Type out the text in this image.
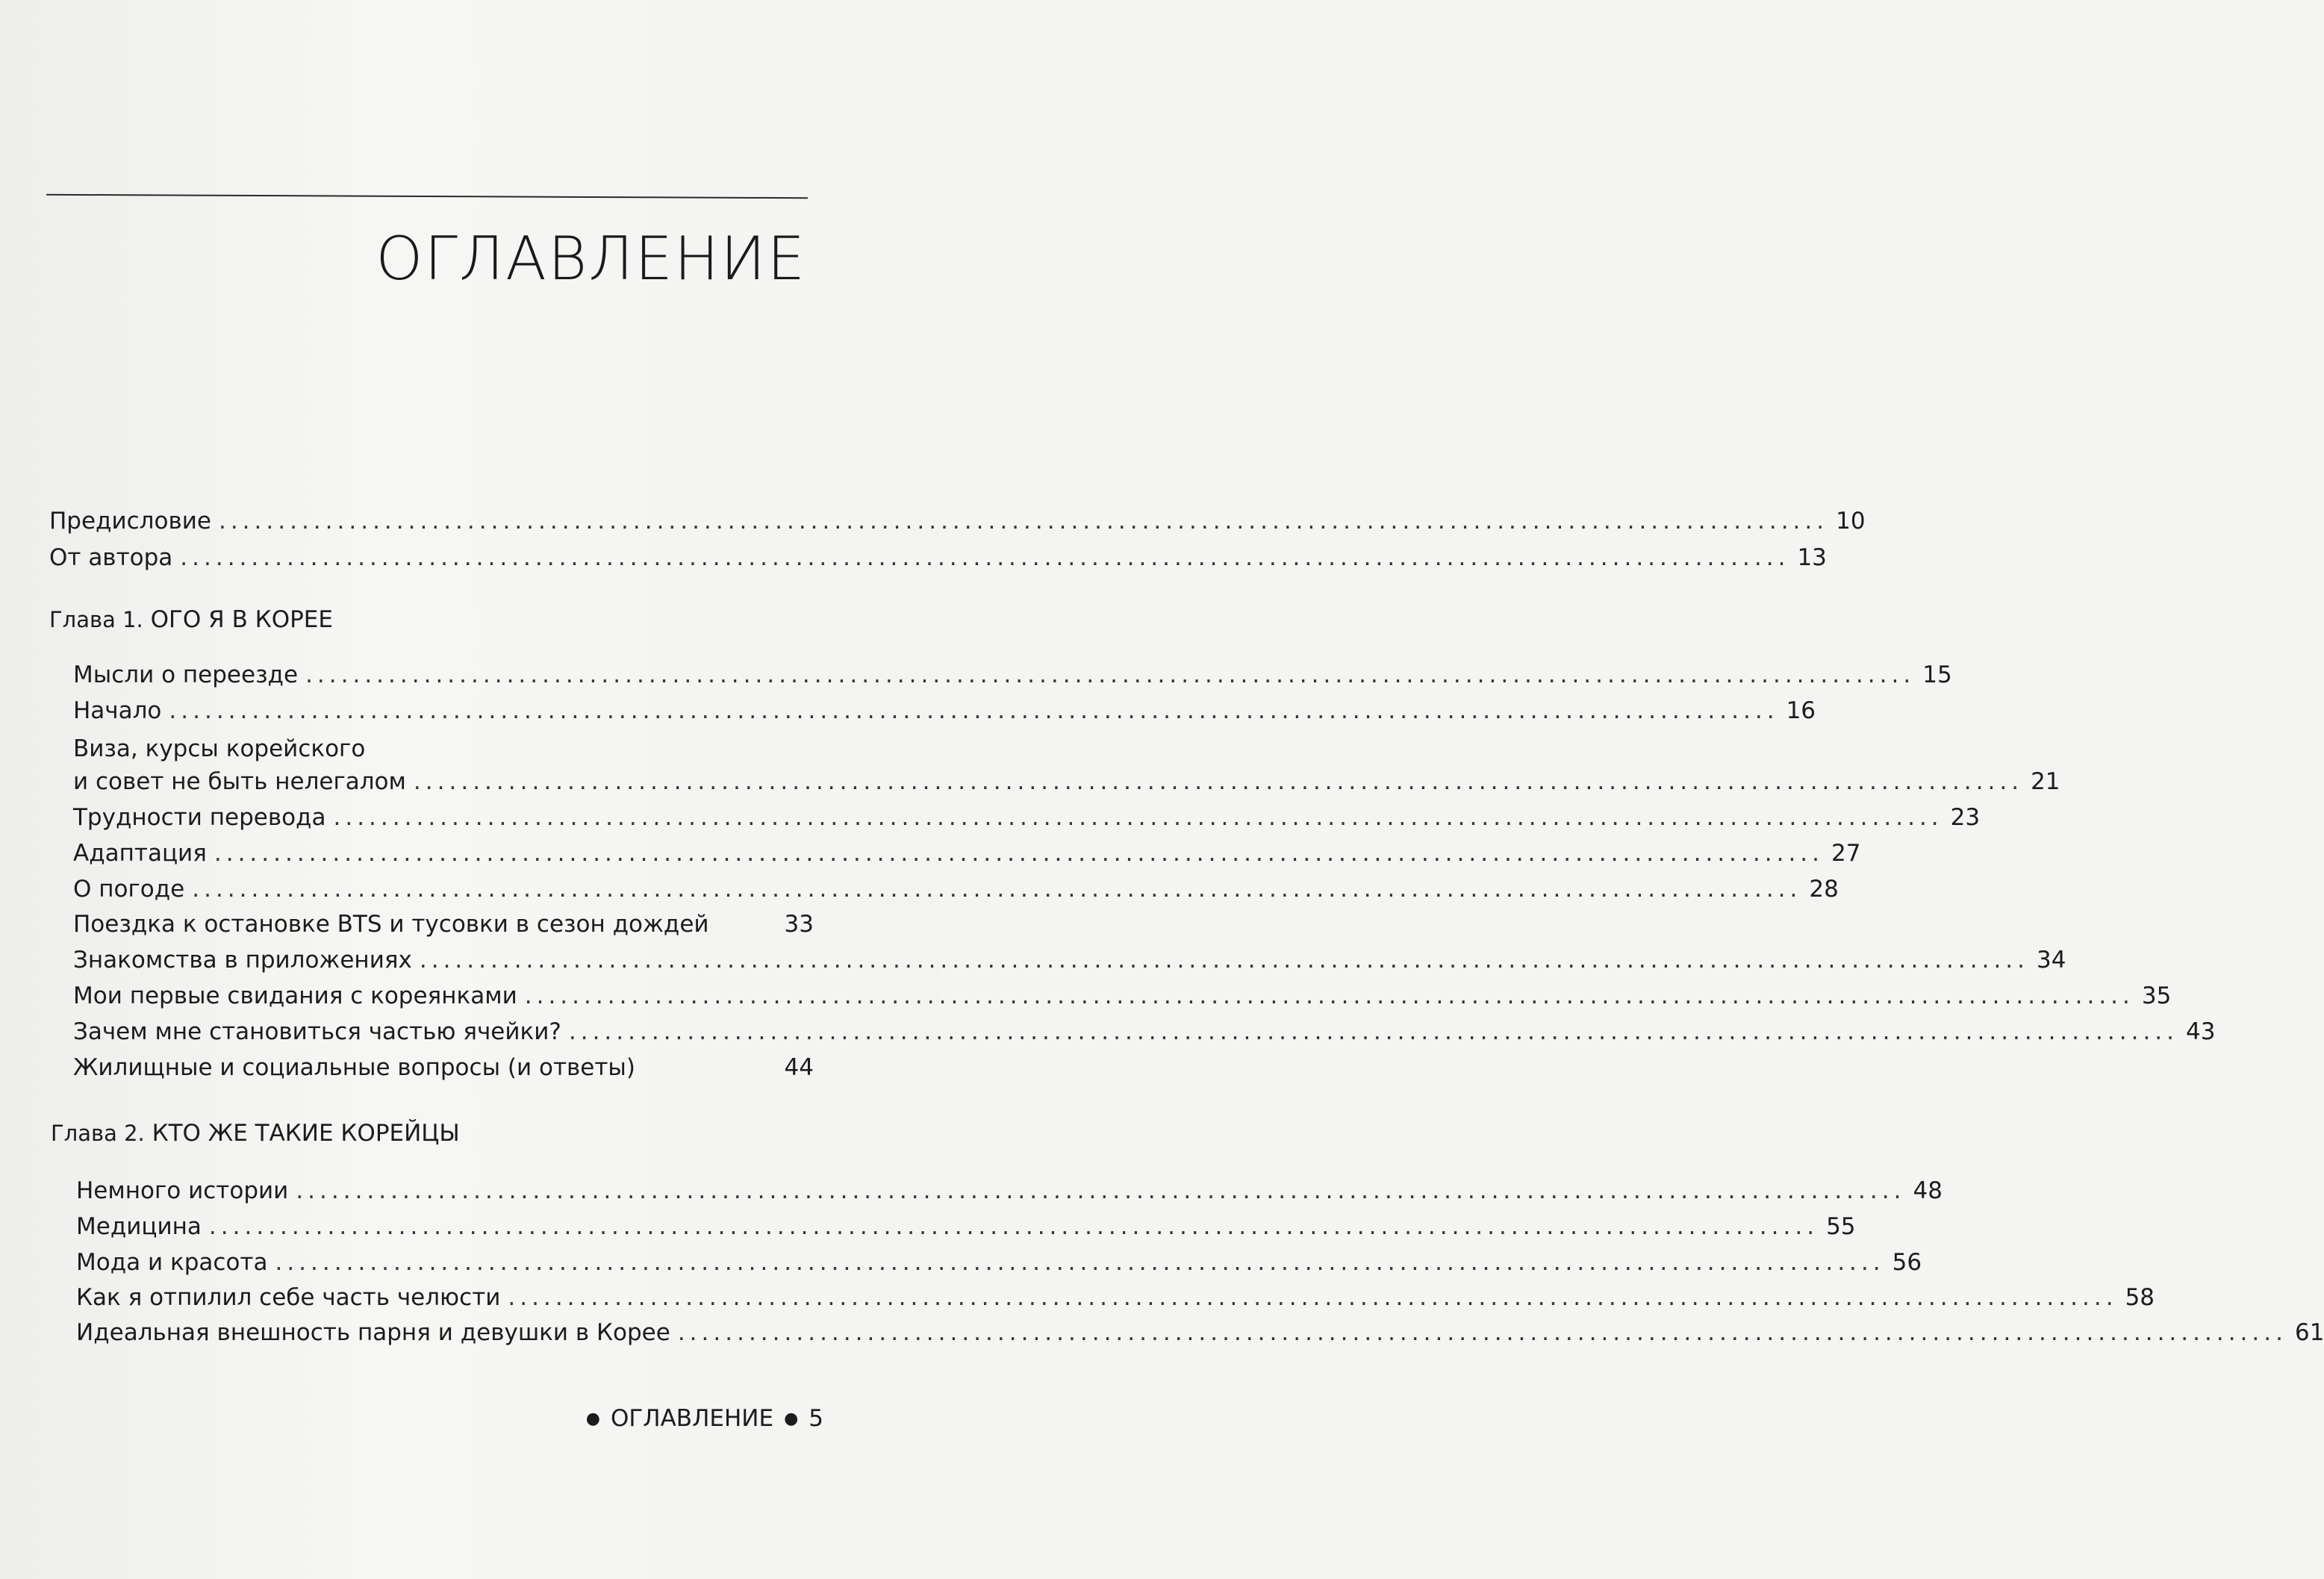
ОГЛАВЛЕНИЕ
Предисловие ........................................................................................................................................ 10
От автора ........................................................................................................................................ 13
Глава 1. ОГО Я В КОРЕЕ
Мысли о переезде ........................................................................................................................................ 15
Начало ........................................................................................................................................ 16
Виза, курсы корейского
и совет не быть нелегалом ........................................................................................................................................ 21
Трудности перевода ........................................................................................................................................ 23
Адаптация ........................................................................................................................................ 27
О погоде ........................................................................................................................................ 28
Поездка к остановке BTS и тусовки в сезон дождей	33
Знакомства в приложениях ........................................................................................................................................ 34
Мои первые свидания с кореянками ........................................................................................................................................ 35
Зачем мне становиться частью ячейки? ........................................................................................................................................ 43
Жилищные и социальные вопросы (и ответы)	44
Глава 2. КТО ЖЕ ТАКИЕ КОРЕЙЦЫ
Немного истории ........................................................................................................................................ 48
Медицина ........................................................................................................................................ 55
Мода и красота ........................................................................................................................................ 56
Как я отпилил себе часть челюсти ........................................................................................................................................ 58
Идеальная внешность парня и девушки в Корее ........................................................................................................................................ 61
● ОГЛАВЛЕНИЕ ● 5
